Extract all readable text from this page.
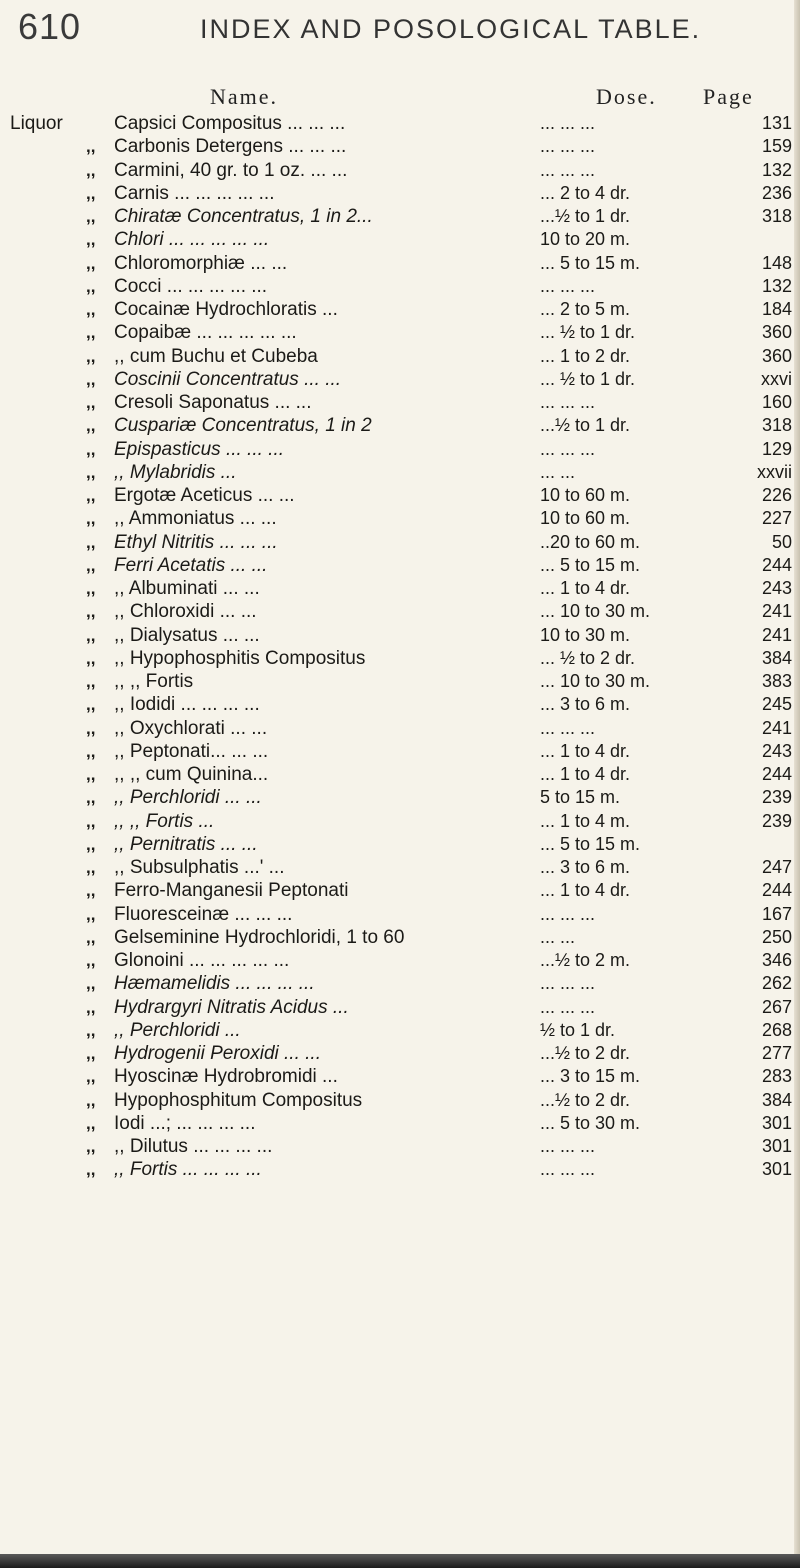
610	INDEX AND POSOLOGICAL TABLE.
Name.	Dose. Page
Liquor	Capsici Compositus ... ... ...	... ... ...	131
,, Carbonis Detergens ... ... ...	... ... ...	159
,, Carmini, 40 gr. to 1 oz. ... ...	... ... ...	132
,, Carnis ... ... ... ... ...	... 2 to 4 dr.	236
,, Chiratæ Concentratus, 1 in 2...	...½ to 1 dr.	318
,, Chlori ... ... ... ... ...	10 to 20 m.
,, Chloromorphiæ ... ...	... 5 to 15 m.	148
,, Cocci ... ... ... ... ...	... ... ...	132
,, Cocainæ Hydrochloratis ...	... 2 to 5 m.	184
,, Copaibæ ... ... ... ... ...	... ½ to 1 dr.	360
,, ,, cum Buchu et Cubeba	... 1 to 2 dr.	360
,, Coscinii Concentratus ... ...	... ½ to 1 dr.	xxvi
,, Cresoli Saponatus ... ...	... ... ...	160
,, Cuspariæ Concentratus, 1 in 2	...½ to 1 dr.	318
,, Epispasticus ... ... ...	... ... ...	129
,, ,, Mylabridis ...	... ...	xxvii
,, Ergotæ Aceticus ... ...	10 to 60 m.	226
,, ,, Ammoniatus ... ...	10 to 60 m.	227
,, Ethyl Nitritis ... ... ...	..20 to 60 m.	50
,, Ferri Acetatis ... ...	... 5 to 15 m.	244
,, ,, Albuminati ... ...	... 1 to 4 dr.	243
,, ,, Chloroxidi ... ...	... 10 to 30 m.	241
,, ,, Dialysatus ... ...	10 to 30 m.	241
,, ,, Hypophosphitis Compositus	... ½ to 2 dr.	384
,, ,, ,, Fortis	... 10 to 30 m.	383
,, ,, Iodidi ... ... ... ...	... 3 to 6 m.	245
,, ,, Oxychlorati ... ...	... ... ...	241
,, ,, Peptonati... ... ...	... 1 to 4 dr.	243
,, ,, ,, cum Quinina...	... 1 to 4 dr.	244
,, ,, Perchloridi ... ...	5 to 15 m.	239
,, ,, ,, Fortis ...	... 1 to 4 m.	239
,, ,, Pernitratis ... ...	... 5 to 15 m.
,, ,, Subsulphatis ...' ...	... 3 to 6 m.	247
,, Ferro-Manganesii Peptonati	... 1 to 4 dr.	244
,, Fluoresceinæ ... ... ...	... ... ...	167
,, Gelseminine Hydrochloridi, 1 to 60	... ...	250
,, Glonoini ... ... ... ... ...	...½ to 2 m.	346
,, Hæmamelidis ... ... ... ...	... ... ...	262
,, Hydrargyri Nitratis Acidus ...	... ... ...	267
,, ,, Perchloridi ...	½ to 1 dr.	268
,, Hydrogenii Peroxidi ... ...	...½ to 2 dr.	277
,, Hyoscinæ Hydrobromidi ...	... 3 to 15 m.	283
,, Hypophosphitum Compositus	...½ to 2 dr.	384
,, Iodi ...; ... ... ... ...	... 5 to 30 m.	301
,, ,, Dilutus ... ... ... ...	... ... ...	301
,, ,, Fortis ... ... ... ...	... ... ...	301
